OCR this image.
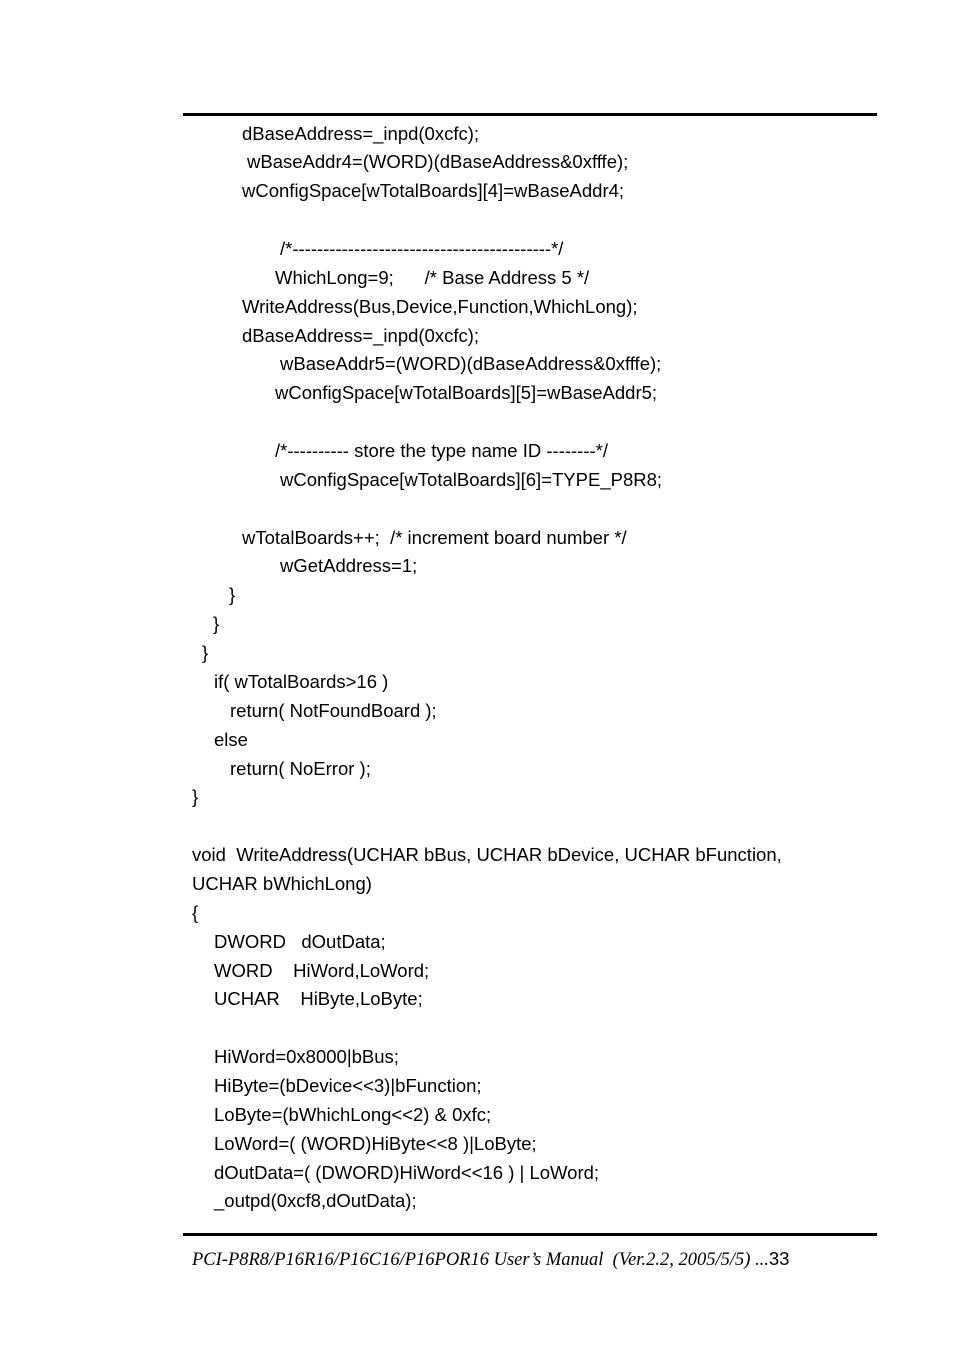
dBaseAddress=_inpd(0xcfc);
wBaseAddr4=(WORD)(dBaseAddress&0xfffe);
wConfigSpace[wTotalBoards][4]=wBaseAddr4;
/*------------------------------------------*/
WhichLong=9;      /* Base Address 5 */
WriteAddress(Bus,Device,Function,WhichLong);
dBaseAddress=_inpd(0xcfc);
wBaseAddr5=(WORD)(dBaseAddress&0xfffe);
wConfigSpace[wTotalBoards][5]=wBaseAddr5;
/*---------- store the type name ID --------*/
wConfigSpace[wTotalBoards][6]=TYPE_P8R8;
wTotalBoards++;  /* increment board number */
wGetAddress=1;
}
}
}
if( wTotalBoards>16 )
return( NotFoundBoard );
else
return( NoError );
}
void  WriteAddress(UCHAR bBus, UCHAR bDevice, UCHAR bFunction,
UCHAR bWhichLong)
{
DWORD   dOutData;
WORD    HiWord,LoWord;
UCHAR    HiByte,LoByte;
HiWord=0x8000|bBus;
HiByte=(bDevice<<3)|bFunction;
LoByte=(bWhichLong<<2) & 0xfc;
LoWord=( (WORD)HiByte<<8 )|LoByte;
dOutData=( (DWORD)HiWord<<16 ) | LoWord;
_outpd(0xcf8,dOutData);
PCI-P8R8/P16R16/P16C16/P16POR16 User’s Manual  (Ver.2.2, 2005/5/5) ...33
